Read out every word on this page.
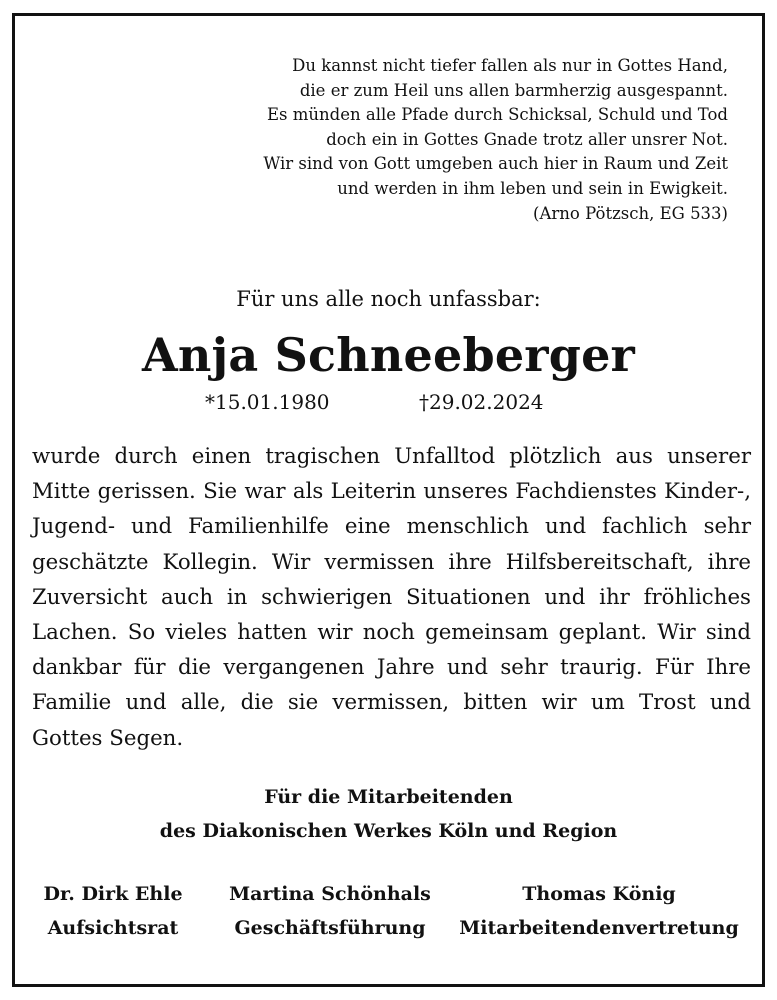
Du kannst nicht tiefer fallen als nur in Gottes Hand,
die er zum Heil uns allen barmherzig ausgespannt.
Es münden alle Pfade durch Schicksal, Schuld und Tod
doch ein in Gottes Gnade trotz aller unsrer Not.
Wir sind von Gott umgeben auch hier in Raum und Zeit
und werden in ihm leben und sein in Ewigkeit.
(Arno Pötzsch, EG 533)
Für uns alle noch unfassbar:
Anja Schneeberger
*15.01.1980	†29.02.2024
wurde durch einen tragischen Unfalltod plötzlich aus unserer Mitte gerissen. Sie war als Leiterin unseres Fachdienstes Kinder-, Jugend- und Familienhilfe eine menschlich und fachlich sehr geschätzte Kollegin. Wir vermissen ihre Hilfsbereitschaft, ihre Zuversicht auch in schwierigen Situationen und ihr fröhliches Lachen. So vieles hatten wir noch gemeinsam geplant. Wir sind dankbar für die vergangenen Jahre und sehr traurig. Für Ihre Familie und alle, die sie vermissen, bitten wir um Trost und Gottes Segen.
Für die Mitarbeitenden
des Diakonischen Werkes Köln und Region
Dr. Dirk Ehle
Aufsichtsrat
Martina Schönhals
Geschäftsführung
Thomas König
Mitarbeitendenvertretung
